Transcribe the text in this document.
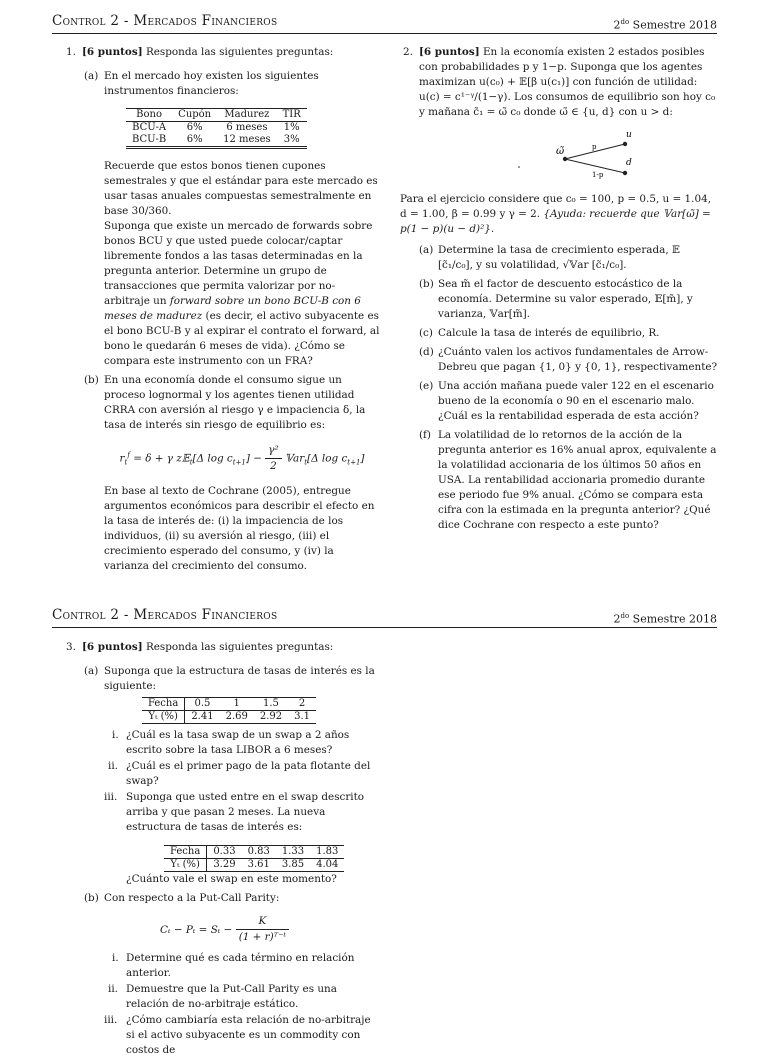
Control 2 - Mercados Financieros	$2^{do}$ Semestre 2018
1. [6 puntos] Responda las siguientes preguntas:
(a) En el mercado hoy existen los siguientes instrumentos financieros:

Bono	Cupón	Madurez	TIR
BCU-A	6%	6 meses	1%
BCU-B	6%	12 meses	3%

Recuerde que estos bonos tienen cupones semestrales y que el estándar para este mercado es usar tasas anuales compuestas semestralmente en base 30/360.

Suponga que existe un mercado de forwards sobre bonos BCU y que usted puede colocar/captar libremente fondos a las tasas determinadas en la pregunta anterior. Determine un grupo de transacciones que permita valorizar por no-arbitraje un forward sobre un bono BCU-B con 6 meses de madurez (es decir, el activo subyacente es el bono BCU-B y al expirar el contrato el forward, al bono le quedarán 6 meses de vida). ¿Cómo se compara este instrumento con un FRA?

(b) En una economía donde el consumo sigue un proceso lognormal y los agentes tienen utilidad CRRA con aversión al riesgo γ e impaciencia δ, la tasa de interés sin riesgo de equilibrio es:

$r_t^f = \delta + \gamma$ z𝔼$_t$[Δ $\log c_{t+1}] - \frac{\text{γ²}}{2}$ 𝕍ar$_t$[Δ $\log c_{t+1}$]

En base al texto de Cochrane (2005), entregue argumentos económicos para describir el efecto en la tasa de interés de: (i) la impaciencia de los individuos, (ii) su aversión al riesgo, (iii) el crecimiento esperado del consumo, y (iv) la varianza del crecimiento del consumo.

2. [6 puntos] En la economía existen 2 estados posibles con probabilidades p y 1−p. Suponga que los agentes maximizan u(c₀) + 𝔼[β u(c₁)] con función de utilidad: u(c) = c¹⁻ᵞ/(1−γ). Los consumos de equilibrio son hoy c₀ y mañana c̃₁ = ω̃ c₀ donde ω̃ ∈ {u, d} con u > d:
ω̃
u
d
p
1-p

Para el ejercicio considere que c₀ = 100, p = 0.5, u = 1.04, d = 1.00, β = 0.99 y γ = 2. {Ayuda: recuerde que 𝕍ar[ω̃] = p(1 − p)(u − d)²}.

(a) Determine la tasa de crecimiento esperada, 𝔼 [c̃₁/c₀], y su volatilidad, √𝕍ar [c̃₁/c₀].

(b) Sea m̃ el factor de descuento estocástico de la economía. Determine su valor esperado, 𝔼[m̃], y varianza, 𝕍ar[m̃].

(c) Calcule la tasa de interés de equilibrio, R.

(d) ¿Cuánto valen los activos fundamentales de Arrow-Debreu que pagan {1, 0} y {0, 1}, respectivamente?

(e) Una acción mañana puede valer 122 en el escenario bueno de la economía o 90 en el escenario malo. ¿Cuál es la rentabilidad esperada de esta acción?

(f) La volatilidad de lo retornos de la acción de la pregunta anterior es 16% anual aprox, equivalente a la volatilidad accionaria de los últimos 50 años en USA. La rentabilidad accionaria promedio durante ese periodo fue 9% anual. ¿Cómo se compara esta cifra con la estimada en la pregunta anterior? ¿Qué dice Cochrane con respecto a este punto?

Control 2 - Mercados Financieros	$2^{do}$ Semestre 2018
3. [6 puntos] Responda las siguientes preguntas:
(a) Suponga que la estructura de tasas de interés es la siguiente:

Fecha	0.5	1	1.5	2
Yₜ (%)	2.41	2.69	2.92	3.1
i. ¿Cuál es la tasa swap de un swap a 2 años escrito sobre la tasa LIBOR a 6 meses?

ii. ¿Cuál es el primer pago de la pata flotante del swap?

iii. Suponga que usted entre en el swap descrito arriba y que pasan 2 meses. La nueva estructura de tasas de interés es:

Fecha	0.33	0.83	1.33	1.83
Yₜ (%)	3.29	3.61	3.85	4.04

¿Cuánto vale el swap en este momento?

(b) Con respecto a la Put-Call Parity:

$C_t - P_t = S_t - \frac{K}{\text{(1 + r)ᵀ⁻ᵗ}}$
i. Determine qué es cada término en relación anterior.

ii. Demuestre que la Put-Call Parity es una relación de no-arbitraje estático.

iii. ¿Cómo cambiaría esta relación de no-arbitraje si el activo subyacente es un commodity con costos de
